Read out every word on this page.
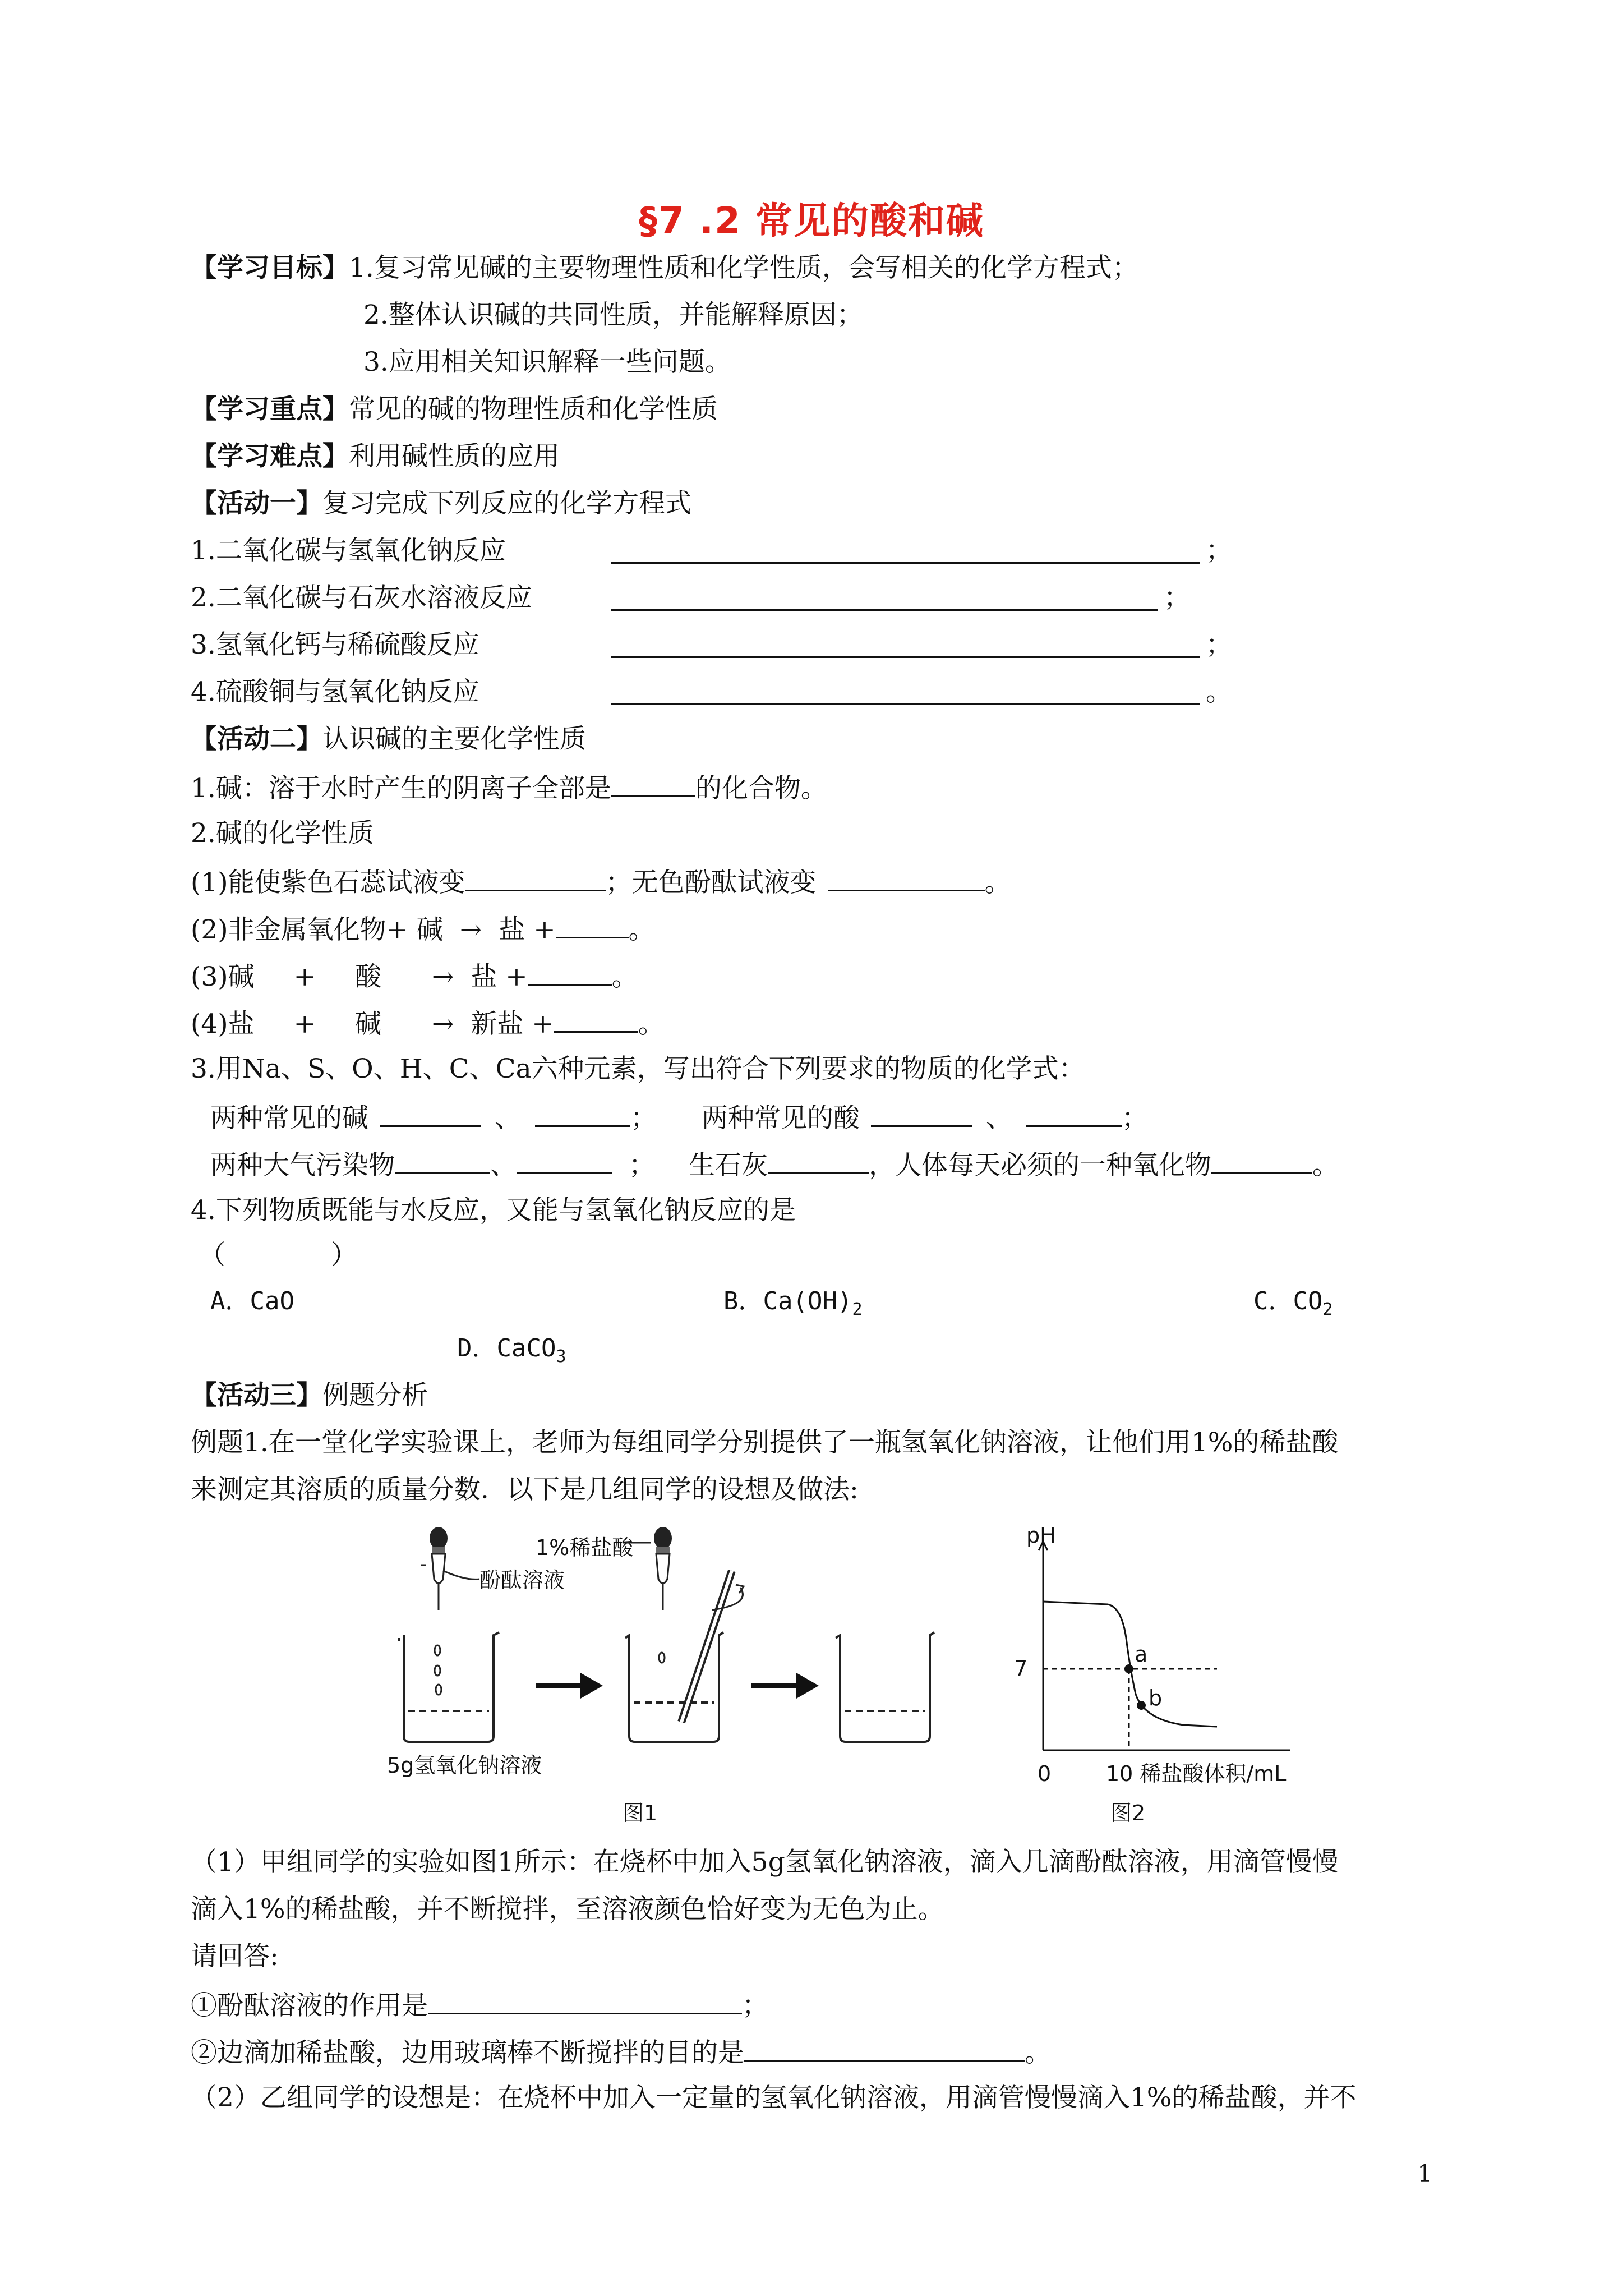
§7 .2 常见的酸和碱
【学习目标】1.复习常见碱的主要物理性质和化学性质，会写相关的化学方程式；
2.整体认识碱的共同性质，并能解释原因；
3.应用相关知识解释一些问题。
【学习重点】常见的碱的物理性质和化学性质
【学习难点】利用碱性质的应用
【活动一】复习完成下列反应的化学方程式
1.二氧化碳与氢氧化钠反应	；
2.二氧化碳与石灰水溶液反应	；
3.氢氧化钙与稀硫酸反应	；
4.硫酸铜与氢氧化钠反应	。
【活动二】认识碱的主要化学性质
1.碱：溶于水时产生的阴离子全部是	的化合物。
2.碱的化学性质
(1)能使紫色石蕊试液变	；无色酚酞试液变	。
(2)非金属氧化物+ 碱 → 盐 +	。
(3)碱 + 酸 → 盐 +	。
(4)盐 + 碱 → 新盐 +	。
3.用Na、S、O、H、C、Ca六种元素，写出符合下列要求的物质的化学式：
两种常见的碱	、	； 两种常见的酸	、	；
两种大气污染物	、	； 生石灰	，人体每天必须的一种氧化物	。
4.下列物质既能与水反应，又能与氢氧化钠反应的是
（　　　　）
A．CaO	B．$Ca(OH)_2$	C．$CO_2$
D．CaCO$_3$
【活动三】例题分析
例题1.在一堂化学实验课上，老师为每组同学分别提供了一瓶氢氧化钠溶液，让他们用1%的稀盐酸
来测定其溶质的质量分数．以下是几组同学的设想及做法:
酚酞溶液
5g氢氧化钠溶液
1%稀盐酸
图1
pH
7
0	10 稀盐酸体积/mL
a
b
图2
（1）甲组同学的实验如图1所示：在烧杯中加入5g氢氧化钠溶液，滴入几滴酚酞溶液，用滴管慢慢
滴入1%的稀盐酸，并不断搅拌，至溶液颜色恰好变为无色为止。
请回答:
①酚酞溶液的作用是	；
②边滴加稀盐酸，边用玻璃棒不断搅拌的目的是	。
（2）乙组同学的设想是：在烧杯中加入一定量的氢氧化钠溶液，用滴管慢慢滴入1%的稀盐酸，并不
1
